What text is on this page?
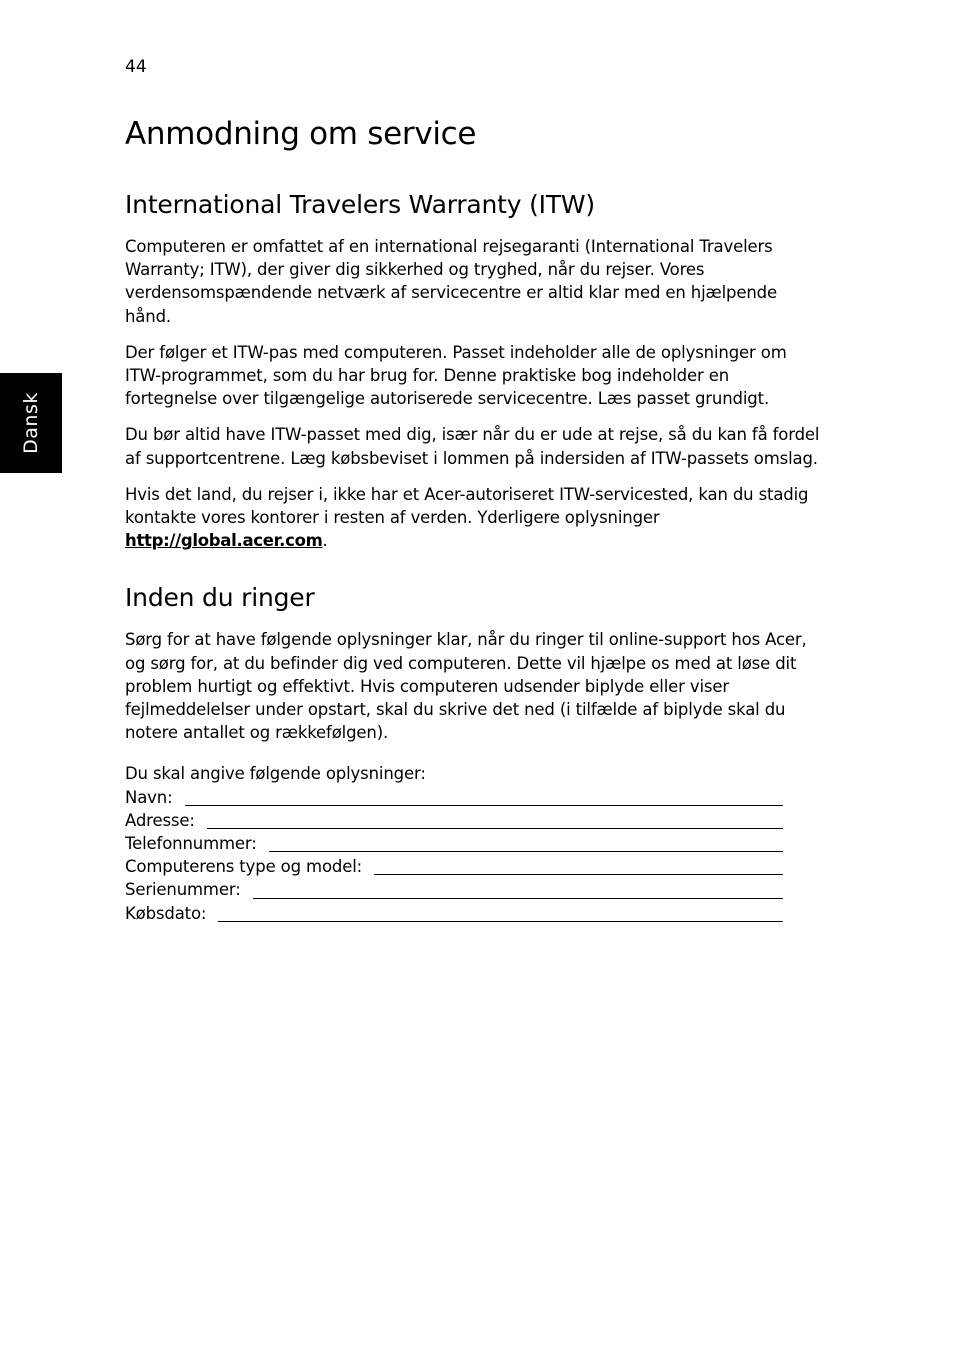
44
Dansk
Anmodning om service
International Travelers Warranty (ITW)

Computeren er omfattet af en international rejsegaranti (International Travelers Warranty; ITW), der giver dig sikkerhed og tryghed, når du rejser. Vores verdensomspændende netværk af servicecentre er altid klar med en hjælpende hånd.

Der følger et ITW-pas med computeren. Passet indeholder alle de oplysninger om ITW-programmet, som du har brug for. Denne praktiske bog indeholder en fortegnelse over tilgængelige autoriserede servicecentre. Læs passet grundigt.

Du bør altid have ITW-passet med dig, især når du er ude at rejse, så du kan få fordel af supportcentrene. Læg købsbeviset i lommen på indersiden af ITW-passets omslag.

Hvis det land, du rejser i, ikke har et Acer-autoriseret ITW-servicested, kan du stadig kontakte vores kontorer i resten af verden. Yderligere oplysninger http://global.acer.com.

Inden du ringer

Sørg for at have følgende oplysninger klar, når du ringer til online-support hos Acer, og sørg for, at du befinder dig ved computeren. Dette vil hjælpe os med at løse dit problem hurtigt og effektivt. Hvis computeren udsender biplyde eller viser fejlmeddelelser under opstart, skal du skrive det ned (i tilfælde af biplyde skal du notere antallet og rækkefølgen).

Du skal angive følgende oplysninger:

Navn:
Adresse:
Telefonnummer:
Computerens type og model:
Serienummer:
Købsdato:
